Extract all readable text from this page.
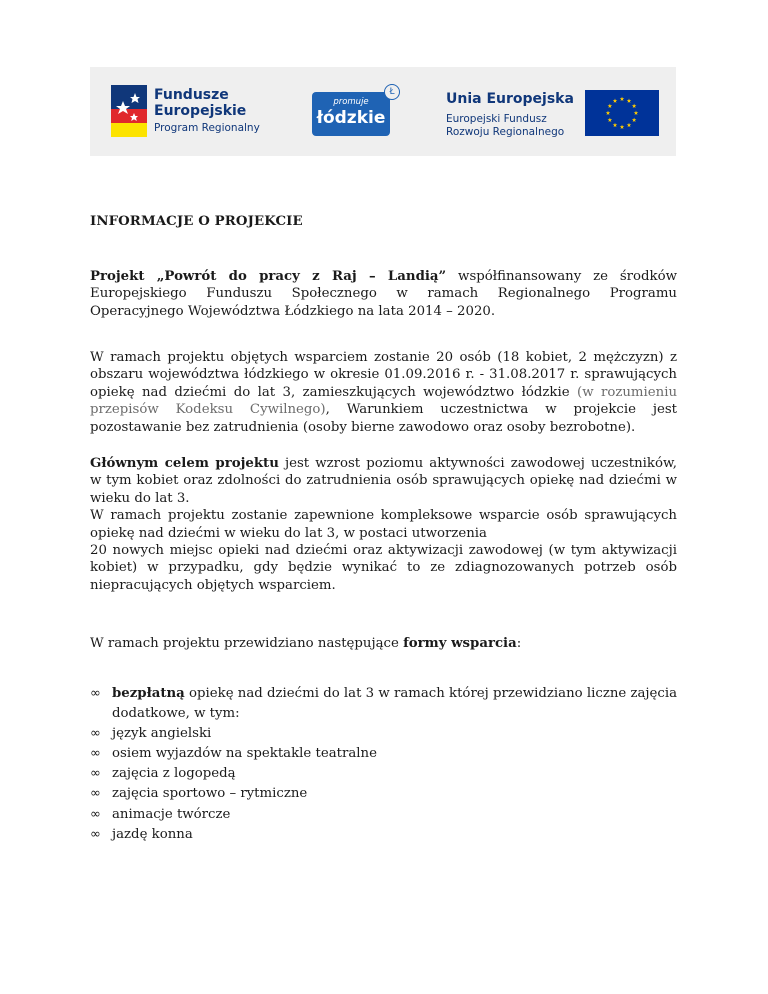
Fundusze
Europejskie
Program Regionalny
promuje
łódzkie
Ł	Unia Europejska
Europejski Fundusz
Rozwoju Regionalnego
INFORMACJE O PROJEKCIE

Projekt „Powrót do pracy z Raj – Landią” współfinansowany ze środków Europejskiego Funduszu Społecznego w ramach Regionalnego Programu Operacyjnego Województwa Łódzkiego na lata 2014 – 2020.

W ramach projektu objętych wsparciem zostanie 20 osób (18 kobiet, 2 mężczyzn) z obszaru województwa łódzkiego w okresie 01.09.2016 r. - 31.08.2017 r. sprawujących opiekę nad dziećmi do lat 3, zamieszkujących województwo łódzkie (w rozumieniu przepisów Kodeksu Cywilnego), Warunkiem uczestnictwa w projekcie jest pozostawanie bez zatrudnienia (osoby bierne zawodowo oraz osoby bezrobotne).

Głównym celem projektu jest wzrost poziomu aktywności zawodowej uczestników, w tym kobiet oraz zdolności do zatrudnienia osób sprawujących opiekę nad dziećmi w wieku do lat 3.
W ramach projektu zostanie zapewnione kompleksowe wsparcie osób sprawujących opiekę nad dziećmi w wieku do lat 3, w postaci utworzenia
20 nowych miejsc opieki nad dziećmi oraz aktywizacji zawodowej (w tym aktywizacji kobiet) w przypadku, gdy będzie wynikać to ze zdiagnozowanych potrzeb osób niepracujących objętych wsparciem.

W ramach projektu przewidziano następujące formy wsparcia:

∞ bezpłatną opiekę nad dziećmi do lat 3 w ramach której przewidziano liczne zajęcia dodatkowe, w tym:
∞ język angielski
∞ osiem wyjazdów na spektakle teatralne
∞ zajęcia z logopedą
∞ zajęcia sportowo – rytmiczne
∞ animacje twórcze
∞ jazdę konna
